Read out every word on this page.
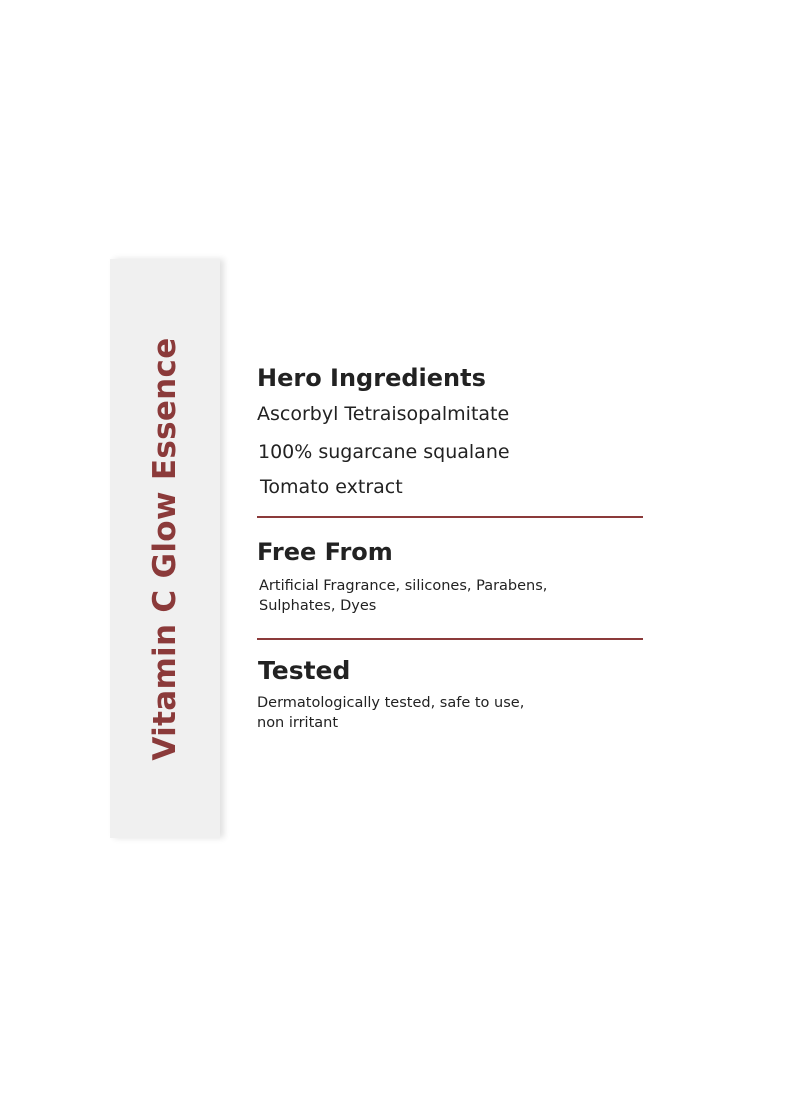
Vitamin C Glow Essence	Hero Ingredients

Ascorbyl Tetraisopalmitate

100% sugarcane squalane

Tomato extract

Free From

Artificial Fragrance, silicones, Parabens,

Sulphates, Dyes

Tested

Dermatologically tested, safe to use,

non irritant
